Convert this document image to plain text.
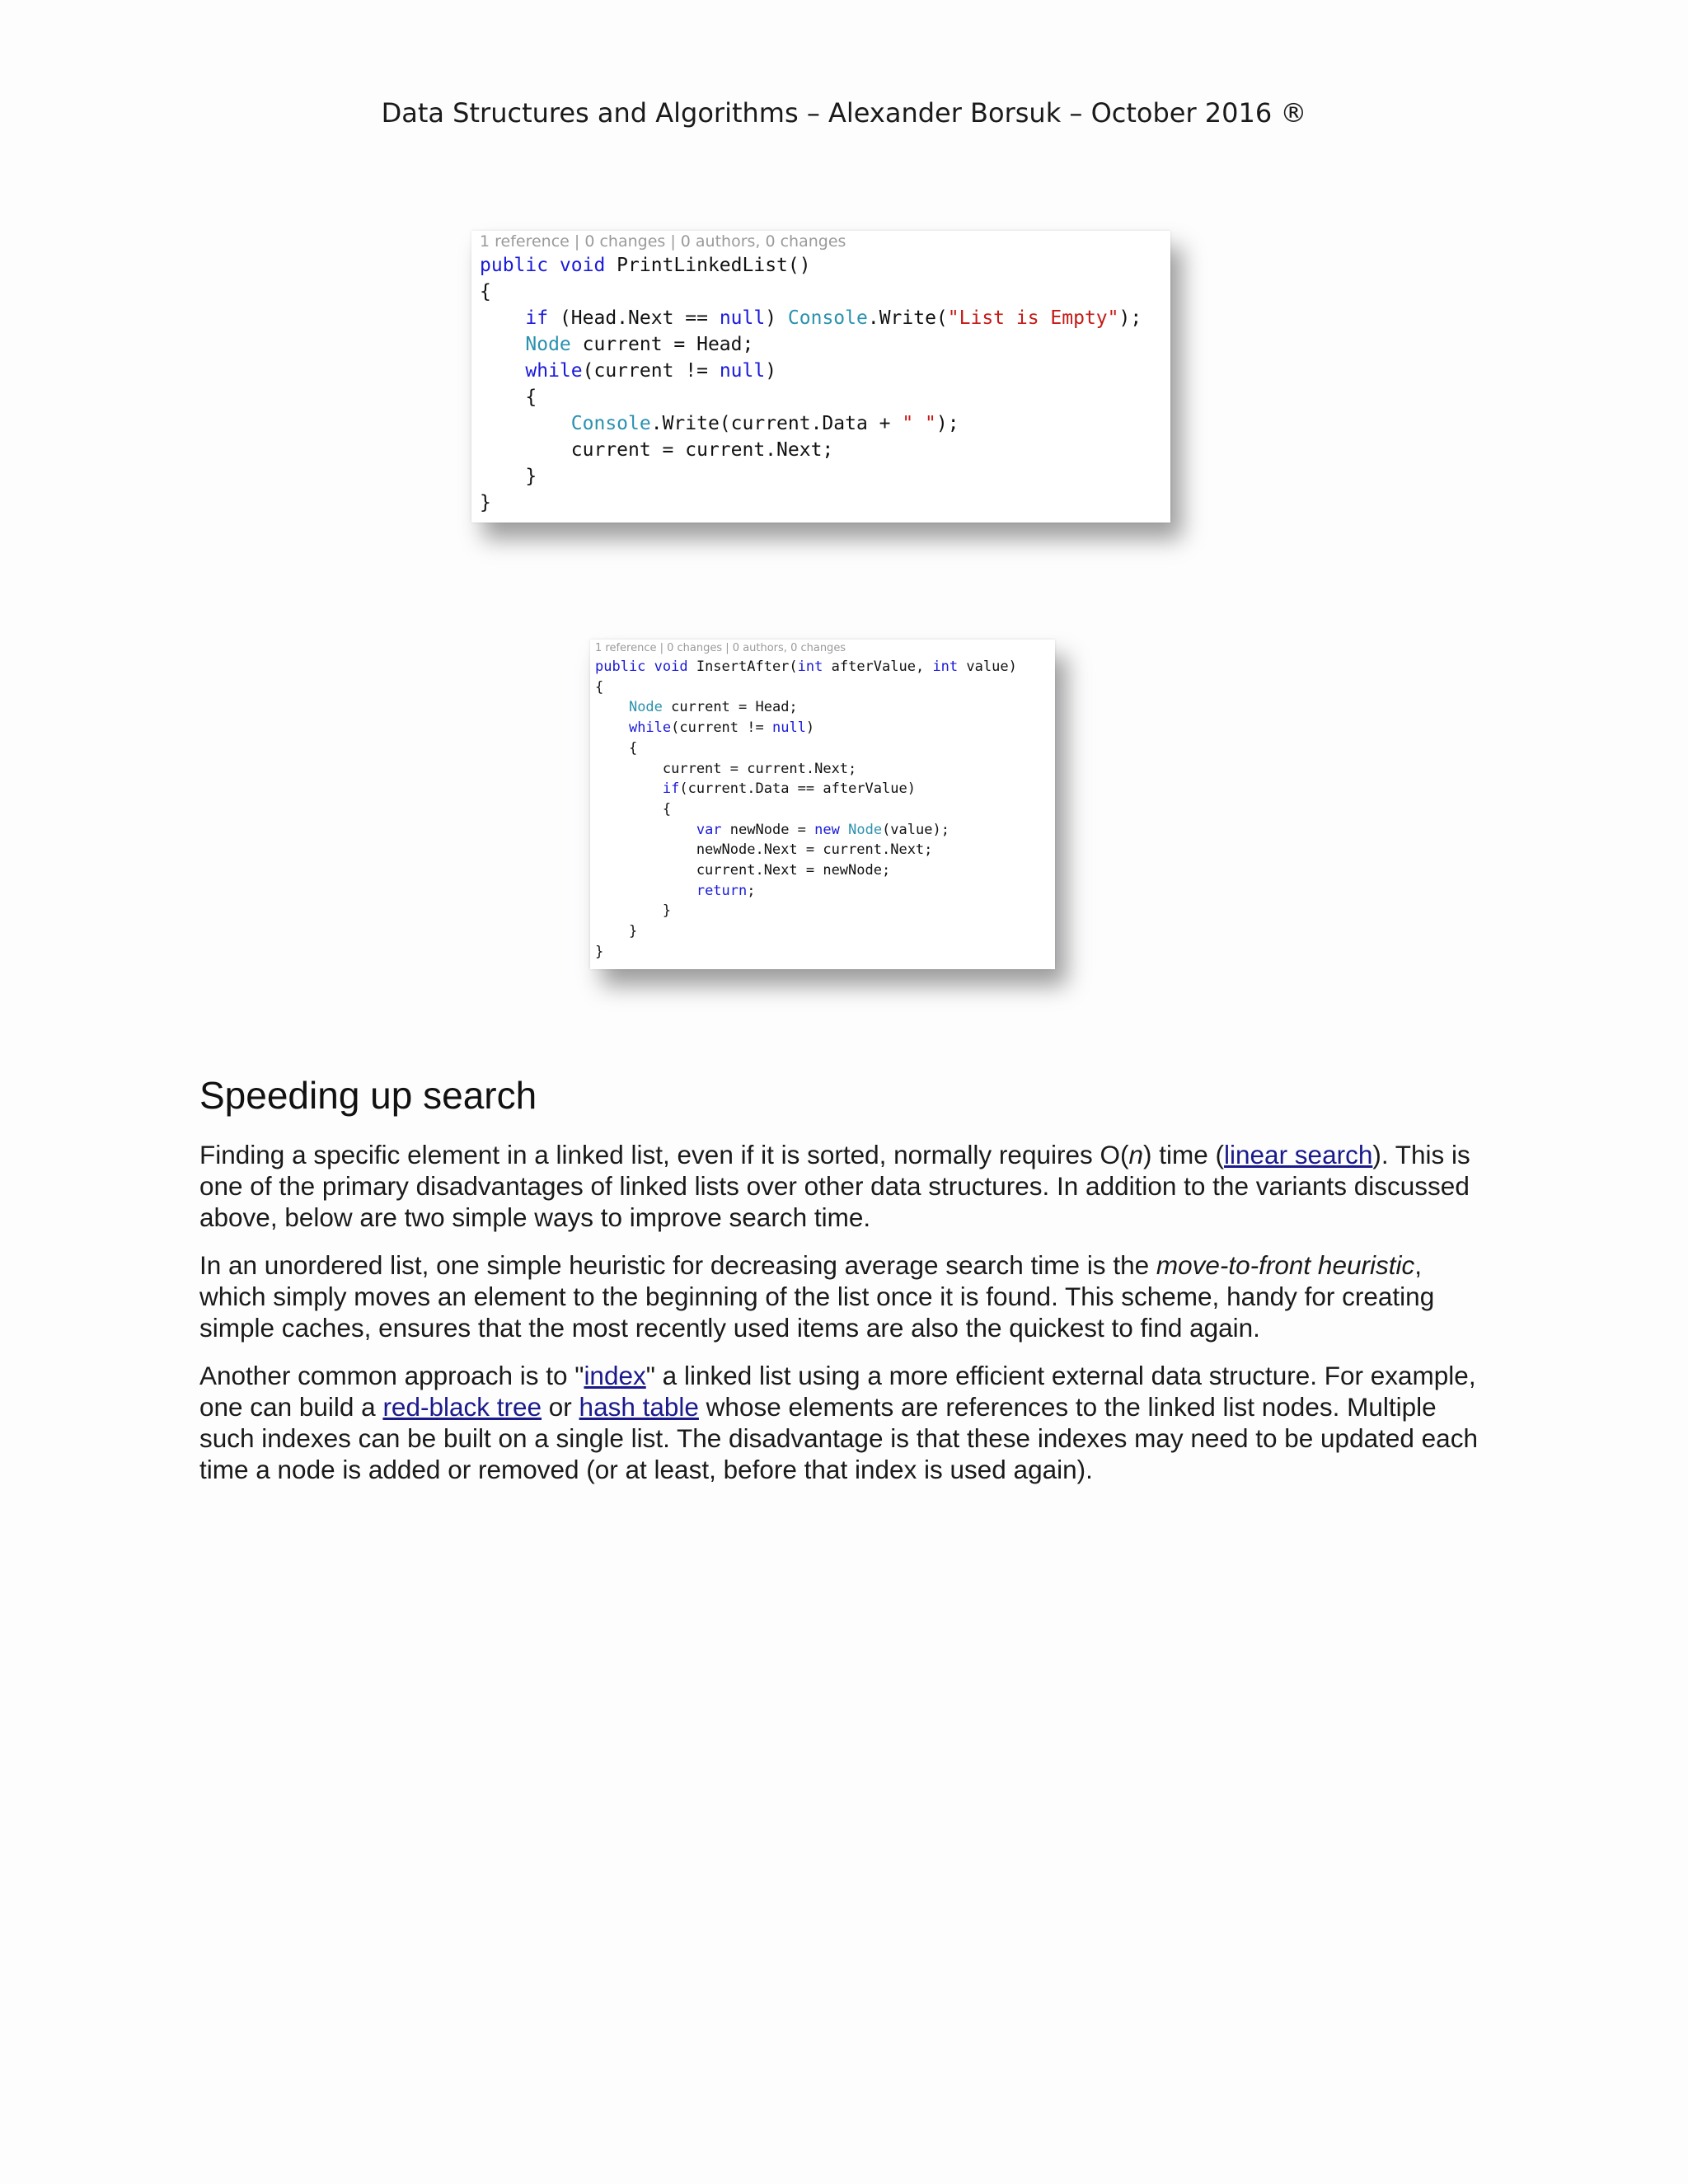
Data Structures and Algorithms – Alexander Borsuk – October 2016 ®
1 reference | 0 changes | 0 authors, 0 changes
public void PrintLinkedList()
{
if (Head.Next == null) Console.Write("List is Empty");
Node current = Head;
while(current != null)
{
Console.Write(current.Data + " ");
current = current.Next;
}
}
1 reference | 0 changes | 0 authors, 0 changes
public void InsertAfter(int afterValue, int value)
{
Node current = Head;
while(current != null)
{
current = current.Next;
if(current.Data == afterValue)
{
var newNode = new Node(value);
newNode.Next = current.Next;
current.Next = newNode;
return;
}
}
}
Speeding up search

Finding a specific element in a linked list, even if it is sorted, normally requires O(n) time (linear search). This is one of the primary disadvantages of linked lists over other data structures. In addition to the variants discussed above, below are two simple ways to improve search time.

In an unordered list, one simple heuristic for decreasing average search time is the move-to-front heuristic, which simply moves an element to the beginning of the list once it is found. This scheme, handy for creating simple caches, ensures that the most recently used items are also the quickest to find again.

Another common approach is to "index" a linked list using a more efficient external data structure. For example, one can build a red-black tree or hash table whose elements are references to the linked list nodes. Multiple such indexes can be built on a single list. The disadvantage is that these indexes may need to be updated each time a node is added or removed (or at least, before that index is used again).
